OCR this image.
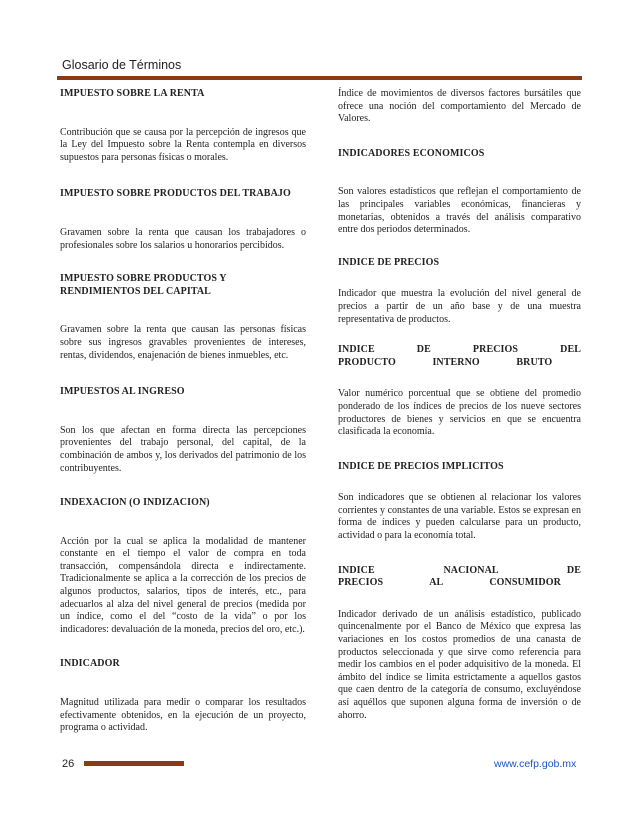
Glosario de Términos

IMPUESTO SOBRE LA RENTA

Contribución que se causa por la percepción de ingresos que la Ley del Impuesto sobre la Renta contempla en diversos supuestos para personas físicas o morales.

IMPUESTO SOBRE PRODUCTOS DEL TRABAJO

Gravamen sobre la renta que causan los trabajadores o profesionales sobre los salarios u honorarios percibidos.

IMPUESTO SOBRE PRODUCTOS Y RENDIMIENTOS DEL CAPITAL

Gravamen sobre la renta que causan las personas físicas sobre sus ingresos gravables provenientes de intereses, rentas, dividendos, enajenación de bienes inmuebles, etc.

IMPUESTOS AL INGRESO

Son los que afectan en forma directa las percepciones provenientes del trabajo personal, del capital, de la combinación de ambos y, los derivados del patrimonio de los contribuyentes.

INDEXACION (O INDIZACION)

Acción por la cual se aplica la modalidad de mantener constante en el tiempo el valor de compra en toda transacción, compensándola directa e indirectamente. Tradicionalmente se aplica a la corrección de los precios de algunos productos, salarios, tipos de interés, etc., para adecuarlos al alza del nivel general de precios (medida por un índice, como el del “costo de la vida” o por los indicadores: devaluación de la moneda, precios del oro, etc.).

INDICADOR

Magnitud utilizada para medir o comparar los resultados efectivamente obtenidos, en la ejecución de un proyecto, programa o actividad.

Índice de movimientos de diversos factores bursátiles que ofrece una noción del comportamiento del Mercado de Valores.

INDICADORES ECONOMICOS

Son valores estadísticos que reflejan el comportamiento de las principales variables económicas, financieras y monetarias, obtenidos a través del análisis comparativo entre dos periodos determinados.

INDICE DE PRECIOS

Indicador que muestra la evolución del nivel general de precios a partir de un año base y de una muestra representativa de productos.

INDICE DE PRECIOS DEL PRODUCTO INTERNO BRUTO

Valor numérico porcentual que se obtiene del promedio ponderado de los índices de precios de los nueve sectores productores de bienes y servicios en que se encuentra clasificada la economía.

INDICE DE PRECIOS IMPLICITOS

Son indicadores que se obtienen al relacionar los valores corrientes y constantes de una variable. Estos se expresan en forma de índices y pueden calcularse para un producto, actividad o para la economía total.

INDICE NACIONAL DE PRECIOS AL CONSUMIDOR

Indicador derivado de un análisis estadístico, publicado quincenalmente por el Banco de México que expresa las variaciones en los costos promedios de una canasta de productos seleccionada y que sirve como referencia para medir los cambios en el poder adquisitivo de la moneda. El ámbito del índice se limita estrictamente a aquellos gastos que caen dentro de la categoría de consumo, excluyéndose así aquéllos que suponen alguna forma de inversión o de ahorro.

26	www.cefp.gob.mx
